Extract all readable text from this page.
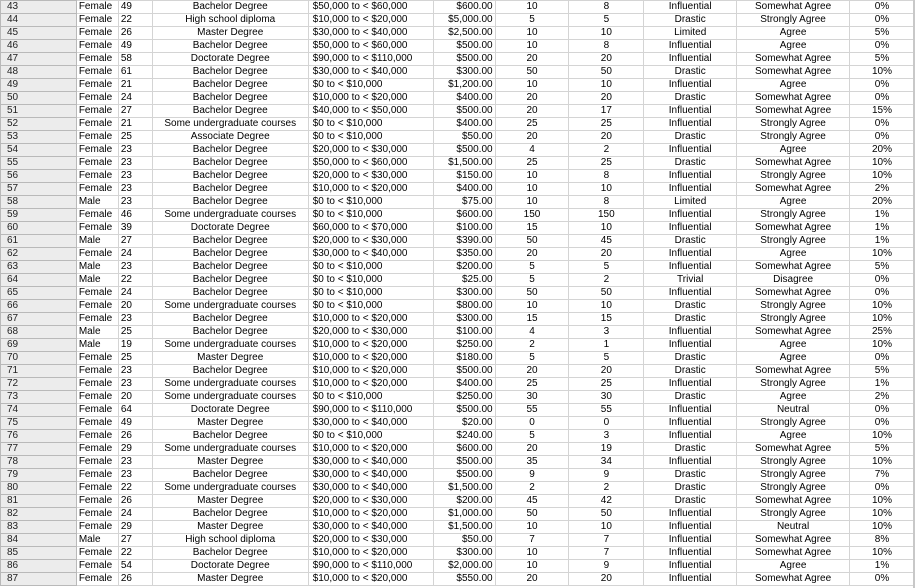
43	Female	49	Bachelor Degree	$50,000 to < $60,000	$600.00	10	8	Influential	Somewhat Agree	0%
44	Female	22	High school diploma	$10,000 to < $20,000	$5,000.00	5	5	Drastic	Strongly Agree	0%
45	Female	26	Master Degree	$30,000 to < $40,000	$2,500.00	10	10	Limited	Agree	5%
46	Female	49	Bachelor Degree	$50,000 to < $60,000	$500.00	10	8	Influential	Agree	0%
47	Female	58	Doctorate Degree	$90,000 to < $110,000	$500.00	20	20	Influential	Somewhat Agree	5%
48	Female	61	Bachelor Degree	$30,000 to < $40,000	$300.00	50	50	Drastic	Somewhat Agree	10%
49	Female	21	Bachelor Degree	$0 to < $10,000	$1,200.00	10	10	Influential	Agree	0%
50	Female	24	Bachelor Degree	$10,000 to < $20,000	$400.00	20	20	Drastic	Somewhat Agree	0%
51	Female	27	Bachelor Degree	$40,000 to < $50,000	$500.00	20	17	Influential	Somewhat Agree	15%
52	Female	21	Some undergraduate courses	$0 to < $10,000	$400.00	25	25	Influential	Strongly Agree	0%
53	Female	25	Associate Degree	$0 to < $10,000	$50.00	20	20	Drastic	Strongly Agree	0%
54	Female	23	Bachelor Degree	$20,000 to < $30,000	$500.00	4	2	Influential	Agree	20%
55	Female	23	Bachelor Degree	$50,000 to < $60,000	$1,500.00	25	25	Drastic	Somewhat Agree	10%
56	Female	23	Bachelor Degree	$20,000 to < $30,000	$150.00	10	8	Influential	Strongly Agree	10%
57	Female	23	Bachelor Degree	$10,000 to < $20,000	$400.00	10	10	Influential	Somewhat Agree	2%
58	Male	23	Bachelor Degree	$0 to < $10,000	$75.00	10	8	Limited	Agree	20%
59	Female	46	Some undergraduate courses	$0 to < $10,000	$600.00	150	150	Influential	Strongly Agree	1%
60	Female	39	Doctorate Degree	$60,000 to < $70,000	$100.00	15	10	Influential	Somewhat Agree	1%
61	Male	27	Bachelor Degree	$20,000 to < $30,000	$390.00	50	45	Drastic	Strongly Agree	1%
62	Female	24	Bachelor Degree	$30,000 to < $40,000	$350.00	20	20	Influential	Agree	10%
63	Male	23	Bachelor Degree	$0 to < $10,000	$200.00	5	5	Influential	Somewhat Agree	5%
64	Male	22	Bachelor Degree	$0 to < $10,000	$25.00	5	2	Trivial	Disagree	0%
65	Female	24	Bachelor Degree	$0 to < $10,000	$300.00	50	50	Influential	Somewhat Agree	0%
66	Female	20	Some undergraduate courses	$0 to < $10,000	$800.00	10	10	Drastic	Strongly Agree	10%
67	Female	23	Bachelor Degree	$10,000 to < $20,000	$300.00	15	15	Drastic	Strongly Agree	10%
68	Male	25	Bachelor Degree	$20,000 to < $30,000	$100.00	4	3	Influential	Somewhat Agree	25%
69	Male	19	Some undergraduate courses	$10,000 to < $20,000	$250.00	2	1	Influential	Agree	10%
70	Female	25	Master Degree	$10,000 to < $20,000	$180.00	5	5	Drastic	Agree	0%
71	Female	23	Bachelor Degree	$10,000 to < $20,000	$500.00	20	20	Drastic	Somewhat Agree	5%
72	Female	23	Some undergraduate courses	$10,000 to < $20,000	$400.00	25	25	Influential	Strongly Agree	1%
73	Female	20	Some undergraduate courses	$0 to < $10,000	$250.00	30	30	Drastic	Agree	2%
74	Female	64	Doctorate Degree	$90,000 to < $110,000	$500.00	55	55	Influential	Neutral	0%
75	Female	49	Master Degree	$30,000 to < $40,000	$20.00	0	0	Influential	Strongly Agree	0%
76	Female	26	Bachelor Degree	$0 to < $10,000	$240.00	5	3	Influential	Agree	10%
77	Female	29	Some undergraduate courses	$10,000 to < $20,000	$600.00	20	19	Drastic	Somewhat Agree	5%
78	Female	23	Master Degree	$30,000 to < $40,000	$500.00	35	34	Influential	Strongly Agree	10%
79	Female	23	Bachelor Degree	$30,000 to < $40,000	$500.00	9	9	Drastic	Strongly Agree	7%
80	Female	22	Some undergraduate courses	$30,000 to < $40,000	$1,500.00	2	2	Drastic	Strongly Agree	0%
81	Female	26	Master Degree	$20,000 to < $30,000	$200.00	45	42	Drastic	Somewhat Agree	10%
82	Female	24	Bachelor Degree	$10,000 to < $20,000	$1,000.00	50	50	Influential	Strongly Agree	10%
83	Female	29	Master Degree	$30,000 to < $40,000	$1,500.00	10	10	Influential	Neutral	10%
84	Male	27	High school diploma	$20,000 to < $30,000	$50.00	7	7	Influential	Somewhat Agree	8%
85	Female	22	Bachelor Degree	$10,000 to < $20,000	$300.00	10	7	Influential	Somewhat Agree	10%
86	Female	54	Doctorate Degree	$90,000 to < $110,000	$2,000.00	10	9	Influential	Agree	1%
87	Female	26	Master Degree	$10,000 to < $20,000	$550.00	20	20	Influential	Somewhat Agree	0%
